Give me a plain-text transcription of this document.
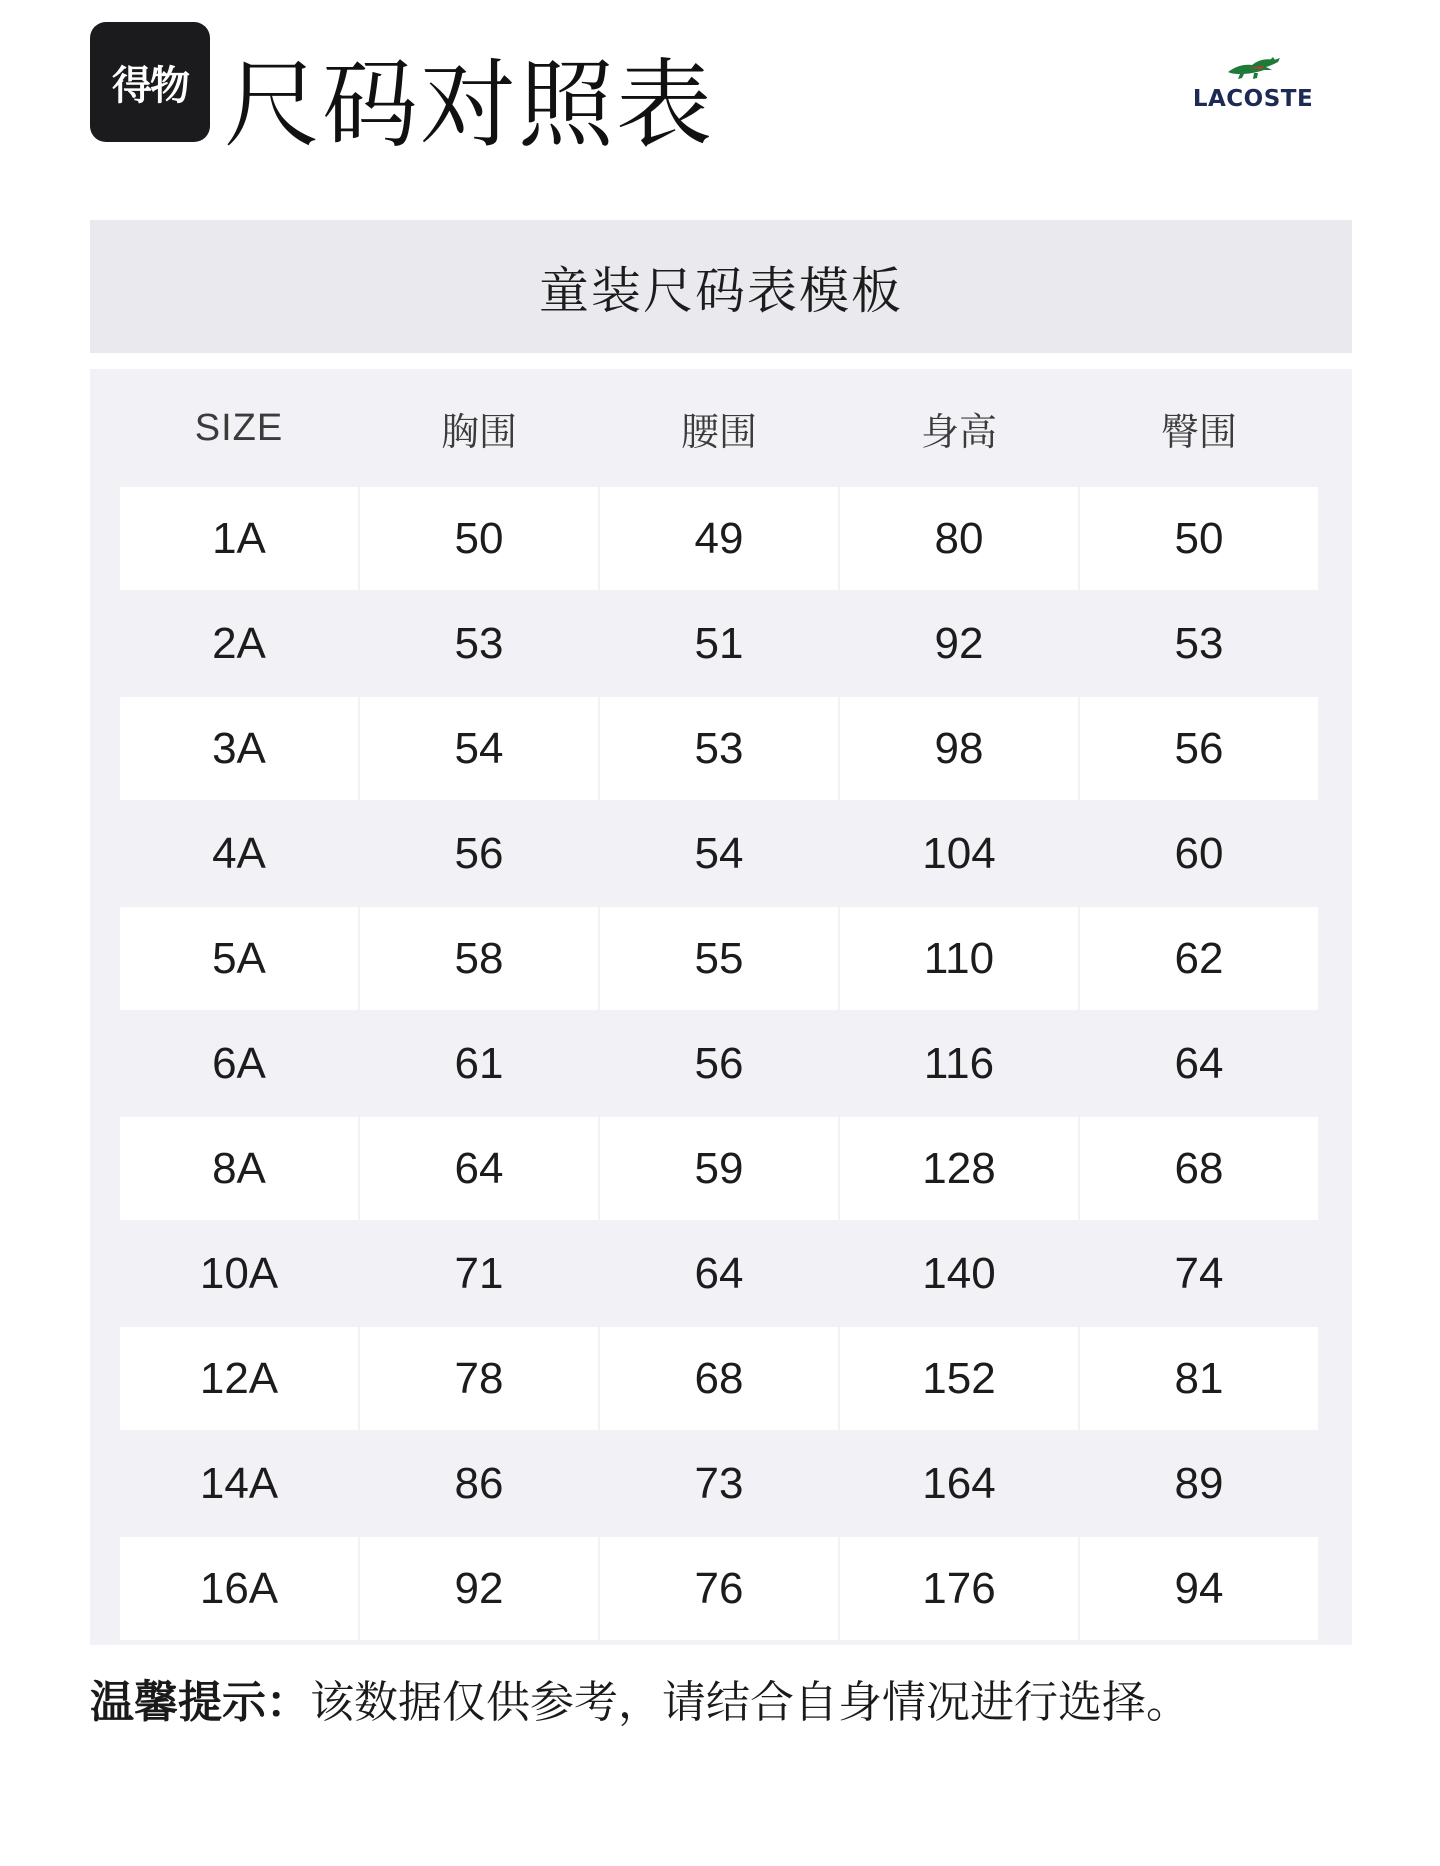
得物 尺码对照表	LACOSTE
童装尺码表模板
SIZE	胸围	腰围	身高	臀围
1A	50	49	80	50
2A	53	51	92	53
3A	54	53	98	56
4A	56	54	104	60
5A	58	55	110	62
6A	61	56	116	64
8A	64	59	128	68
10A	71	64	140	74
12A	78	68	152	81
14A	86	73	164	89
16A	92	76	176	94
温馨提示：该数据仅供参考，请结合自身情况进行选择。
